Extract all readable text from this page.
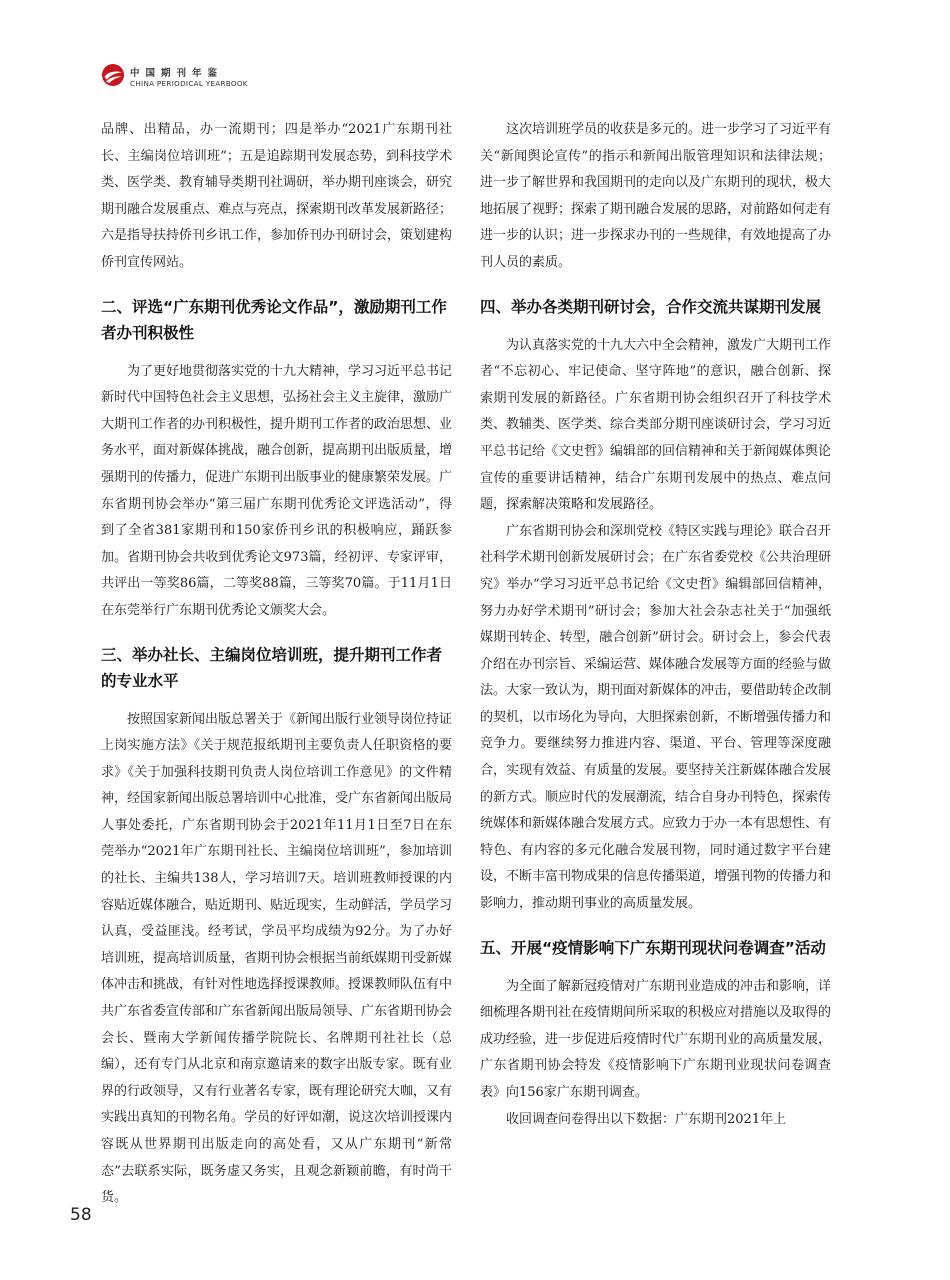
中国期刊年鉴
CHINA PERIODICAL YEARBOOK

品牌、出精品，办一流期刊；四是举办“2021广东期刊社长、主编岗位培训班”；五是追踪期刊发展态势，到科技学术类、医学类、教育辅导类期刊社调研，举办期刊座谈会，研究期刊融合发展重点、难点与亮点，探索期刊改革发展新路径；六是指导扶持侨刊乡讯工作，参加侨刊办刊研讨会，策划建构侨刊宣传网站。

二、评选“广东期刊优秀论文作品”，激励期刊工作者办刊积极性

为了更好地贯彻落实党的十九大精神，学习习近平总书记新时代中国特色社会主义思想，弘扬社会主义主旋律，激励广大期刊工作者的办刊积极性，提升期刊工作者的政治思想、业务水平，面对新媒体挑战，融合创新，提高期刊出版质量，增强期刊的传播力，促进广东期刊出版事业的健康繁荣发展。广东省期刊协会举办“第三届广东期刊优秀论文评选活动”，得到了全省381家期刊和150家侨刊乡讯的积极响应，踊跃参加。省期刊协会共收到优秀论文973篇，经初评、专家评审，共评出一等奖86篇，二等奖88篇，三等奖70篇。于11月1日在东莞举行广东期刊优秀论文颁奖大会。

三、举办社长、主编岗位培训班，提升期刊工作者的专业水平

按照国家新闻出版总署关于《新闻出版行业领导岗位持证上岗实施方法》《关于规范报纸期刊主要负责人任职资格的要求》《关于加强科技期刊负责人岗位培训工作意见》的文件精神，经国家新闻出版总署培训中心批准，受广东省新闻出版局人事处委托，广东省期刊协会于2021年11月1日至7日在东莞举办“2021年广东期刊社长、主编岗位培训班”，参加培训的社长、主编共138人，学习培训7天。培训班教师授课的内容贴近媒体融合，贴近期刊、贴近现实，生动鲜活，学员学习认真，受益匪浅。经考试，学员平均成绩为92分。为了办好培训班，提高培训质量，省期刊协会根据当前纸媒期刊受新媒体冲击和挑战，有针对性地选择授课教师。授课教师队伍有中共广东省委宣传部和广东省新闻出版局领导、广东省期刊协会会长、暨南大学新闻传播学院院长、名牌期刊社社长（总编），还有专门从北京和南京邀请来的数字出版专家。既有业界的行政领导，又有行业著名专家，既有理论研究大咖，又有实践出真知的刊物名角。学员的好评如潮，说这次培训授课内容既从世界期刊出版走向的高处看，又从广东期刊“新常态”去联系实际，既务虚又务实，且观念新颖前瞻，有时尚干货。

这次培训班学员的收获是多元的。进一步学习了习近平有关“新闻舆论宣传”的指示和新闻出版管理知识和法律法规；进一步了解世界和我国期刊的走向以及广东期刊的现状，极大地拓展了视野；探索了期刊融合发展的思路，对前路如何走有进一步的认识；进一步探求办刊的一些规律，有效地提高了办刊人员的素质。

四、举办各类期刊研讨会，合作交流共谋期刊发展

为认真落实党的十九大六中全会精神，激发广大期刊工作者“不忘初心、牢记使命、坚守阵地”的意识，融合创新、探索期刊发展的新路径。广东省期刊协会组织召开了科技学术类、教辅类、医学类、综合类部分期刊座谈研讨会，学习习近平总书记给《文史哲》编辑部的回信精神和关于新闻媒体舆论宣传的重要讲话精神，结合广东期刊发展中的热点、难点问题，探索解决策略和发展路径。

广东省期刊协会和深圳党校《特区实践与理论》联合召开社科学术期刊创新发展研讨会；在广东省委党校《公共治理研究》举办“学习习近平总书记给《文史哲》编辑部回信精神，努力办好学术期刊”研讨会；参加大社会杂志社关于“加强纸媒期刊转企、转型，融合创新”研讨会。研讨会上，参会代表介绍在办刊宗旨、采编运营、媒体融合发展等方面的经验与做法。大家一致认为，期刊面对新媒体的冲击，要借助转企改制的契机，以市场化为导向，大胆探索创新，不断增强传播力和竞争力。要继续努力推进内容、渠道、平台、管理等深度融合，实现有效益、有质量的发展。要坚持关注新媒体融合发展的新方式。顺应时代的发展潮流，结合自身办刊特色，探索传统媒体和新媒体融合发展方式。应致力于办一本有思想性、有特色、有内容的多元化融合发展刊物，同时通过数字平台建设，不断丰富刊物成果的信息传播渠道，增强刊物的传播力和影响力，推动期刊事业的高质量发展。

五、开展“疫情影响下广东期刊现状问卷调查”活动

为全面了解新冠疫情对广东期刊业造成的冲击和影响，详细梳理各期刊社在疫情期间所采取的积极应对措施以及取得的成功经验，进一步促进后疫情时代广东期刊业的高质量发展，广东省期刊协会特发《疫情影响下广东期刊业现状问卷调查表》向156家广东期刊调查。

收回调查问卷得出以下数据：广东期刊2021年上

58
